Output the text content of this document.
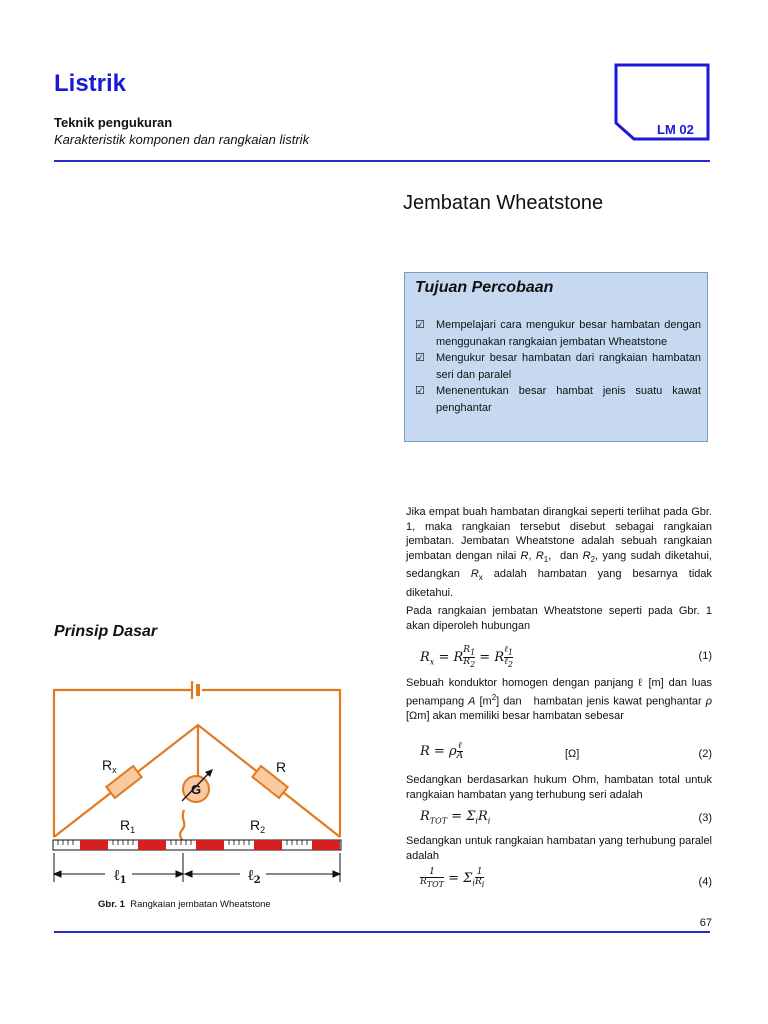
Listrik
Teknik pengukuran
Karakteristik komponen dan rangkaian listrik
LM 02
Jembatan Wheatstone
Tujuan Percobaan
☑ Mempelajari cara mengukur besar hambatan dengan menggunakan rangkaian jembatan Wheatstone
☑ Mengukur besar hambatan dari rangkaian hambatan seri dan paralel
☑ Menenentukan besar hambat jenis suatu kawat penghantar
Jika empat buah hambatan dirangkai seperti terlihat pada Gbr. 1, maka rangkaian tersebut disebut sebagai rangkaian jembatan. Jembatan Wheatstone adalah sebuah rangkaian jembatan dengan nilai R, $R_1$,  dan $R_2$, yang sudah diketahui, sedangkan $R_x$ adalah hambatan yang besarnya tidak diketahui.
Pada rangkaian jembatan Wheatstone seperti pada Gbr. 1 akan diperoleh hubungan
$R_x = R \frac{R_1}{R_2} = R \frac{\ell_1}{\ell_2}$	(1)
Sebuah konduktor homogen dengan panjang ℓ [m] dan luas penampang A $[m^2]$ dan   hambatan jenis kawat penghantar ρ [Ωm] akan memiliki besar hambatan sebesar
R = ρ $\frac{\text{ℓ}}{A}$	[Ω]	(2)
Sedangkan berdasarkan hukum Ohm, hambatan total untuk rangkaian hambatan yang terhubung seri adalah
$R_{TOT} = \Sigma_iR_i$	(3)
Sedangkan untuk rangkaian hambatan yang terhubung paralel adalah
$\frac{1}{R_{TOT}} = \Sigma_i \frac{1}{R_i}$	(4)
Prinsip Dasar
G
$R_x$	R
$R_1$	$R_2$
ℓ$_1$	ℓ$_2$
Gbr. 1 Rangkaian jembatan Wheatstone
67
